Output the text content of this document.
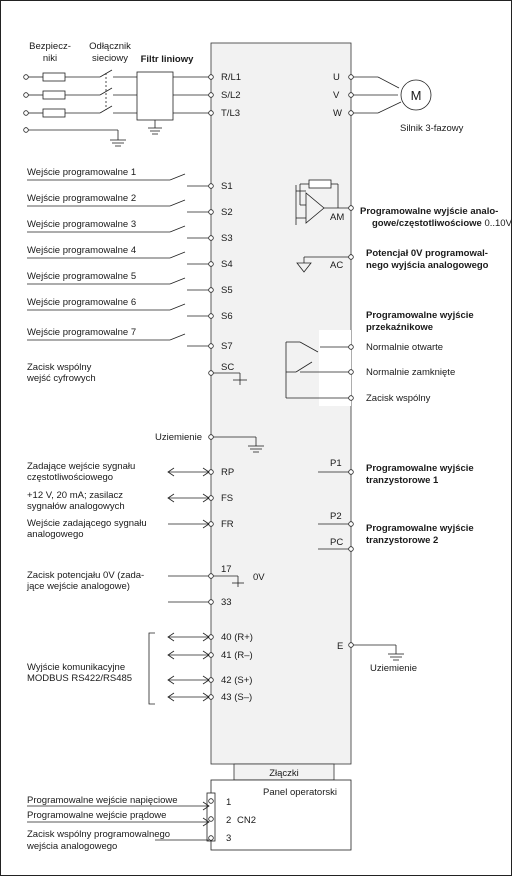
Złączki
Panel operatorski
Bezpiecz-
niki
Odłącznik
sieciowy Filtr liniowy
R/L1
S/L2
T/L3
U
V
W
M
Silnik 3-fazowy
Wejście programowalne 1
S1
Wejście programowalne 2
S2
Wejście programowalne 3
S3
Wejście programowalne 4
S4
Wejście programowalne 5
S5
Wejście programowalne 6
S6
Wejście programowalne 7
S7
Zacisk wspólny
wejść cyfrowych
SC
Uziemienie
Zadające wejście sygnału
częstotliwościowego
+12 V, 20 mA; zasilacz
sygnałów analogowych
Wejście zadającego sygnału
analogowego
RP
FS
FR
Zacisk potencjału 0V (zada-
jące wejście analogowe)
17
0V
33
Wyjście komunikacyjne
MODBUS RS422/RS485
40 (R+)
41 (R–)
42 (S+)
43 (S–)
AM
AC
Programowalne wyjście analo-
gowe/częstotliwościowe 0..10V
Potencjał 0V programowal-
nego wyjścia analogowego
Programowalne wyjście
przekaźnikowe
Normalnie otwarte
Normalnie zamknięte
Zacisk wspólny
P1	Programowalne wyjście
tranzystorowe 1
P2
PC
Programowalne wyjście
tranzystorowe 2
E
Uziemienie
Programowalne wejście napięciowe
Programowalne wejście prądowe
Zacisk wspólny programowalnego
wejścia analogowego
1
2 CN2
3
